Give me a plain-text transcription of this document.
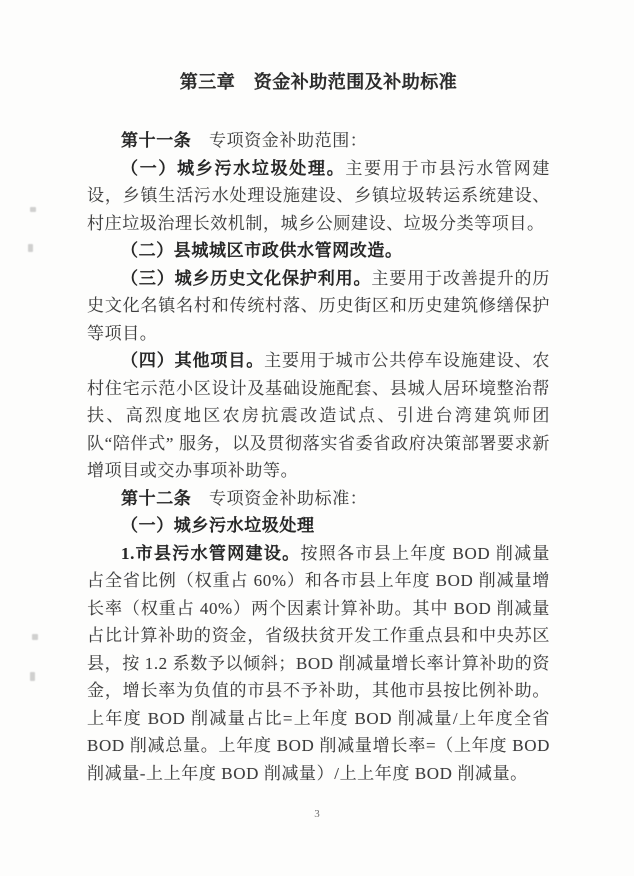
第三章　资金补助范围及补助标准

第十一条　专项资金补助范围：

（一）城乡污水垃圾处理。主要用于市县污水管网建设，乡镇生活污水处理设施建设、乡镇垃圾转运系统建设、村庄垃圾治理长效机制，城乡公厕建设、垃圾分类等项目。

（二）县城城区市政供水管网改造。

（三）城乡历史文化保护利用。主要用于改善提升的历史文化名镇名村和传统村落、历史街区和历史建筑修缮保护等项目。

（四）其他项目。主要用于城市公共停车设施建设、农村住宅示范小区设计及基础设施配套、县城人居环境整治帮扶、高烈度地区农房抗震改造试点、引进台湾建筑师团队“陪伴式” 服务，以及贯彻落实省委省政府决策部署要求新增项目或交办事项补助等。

第十二条　专项资金补助标准：

（一）城乡污水垃圾处理

1.市县污水管网建设。按照各市县上年度 BOD 削减量占全省比例（权重占 60%）和各市县上年度 BOD 削减量增长率（权重占 40%）两个因素计算补助。其中 BOD 削减量占比计算补助的资金，省级扶贫开发工作重点县和中央苏区县，按 1.2 系数予以倾斜；BOD 削减量增长率计算补助的资金，增长率为负值的市县不予补助，其他市县按比例补助。上年度 BOD 削减量占比=上年度 BOD 削减量/上年度全省 BOD 削减总量。上年度 BOD 削减量增长率=（上年度 BOD 削减量-上上年度 BOD 削减量）/上上年度 BOD 削减量。

3
